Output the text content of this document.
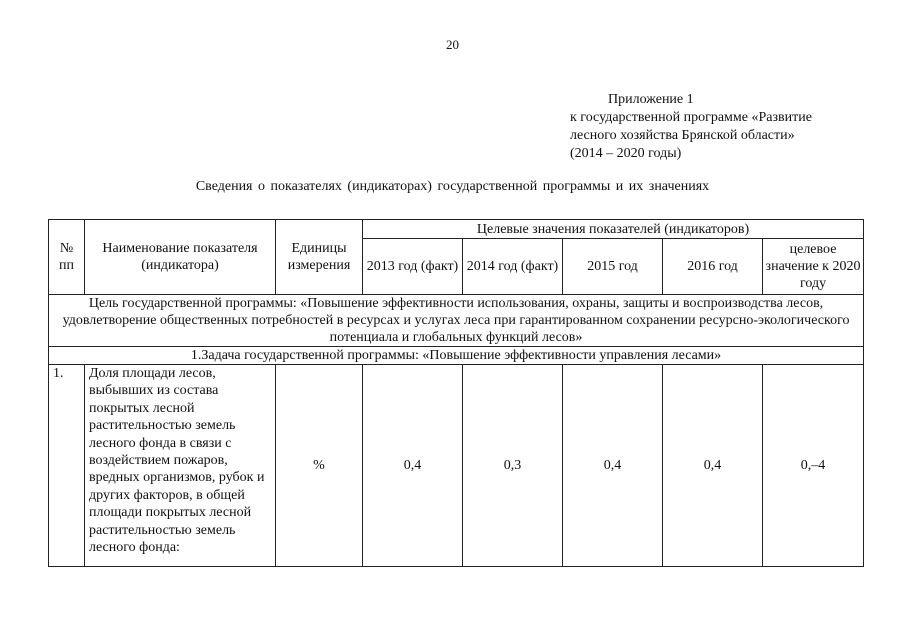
20
Приложение 1
к государственной программе «Развитие
лесного хозяйства Брянской области»
(2014 – 2020 годы)
Сведения о показателях (индикаторах) государственной программы и их значениях
№ пп	Наименование показателя (индикатора)	Единицы измерения	Целевые значения показателей (индикаторов)				
			2013 год (факт)	2014 год (факт)	2015 год	2016 год	целевое значение к 2020 году
Цель государственной программы: «Повышение эффективности использования, охраны, защиты и воспроизводства лесов, удовлетворение общественных потребностей в ресурсах и услугах леса при гарантированном сохранении ресурсно-экологического потенциала и глобальных функций лесов»							
1.Задача государственной программы: «Повышение эффективности управления лесами»							
1.	Доля площади лесов, выбывших из состава покрытых лесной растительностью земель лесного фонда в связи с воздействием пожаров, вредных организмов, рубок и других факторов, в общей площади покрытых лесной растительностью земель лесного фонда:	%	0,4	0,3	0,4	0,4	0,–4
